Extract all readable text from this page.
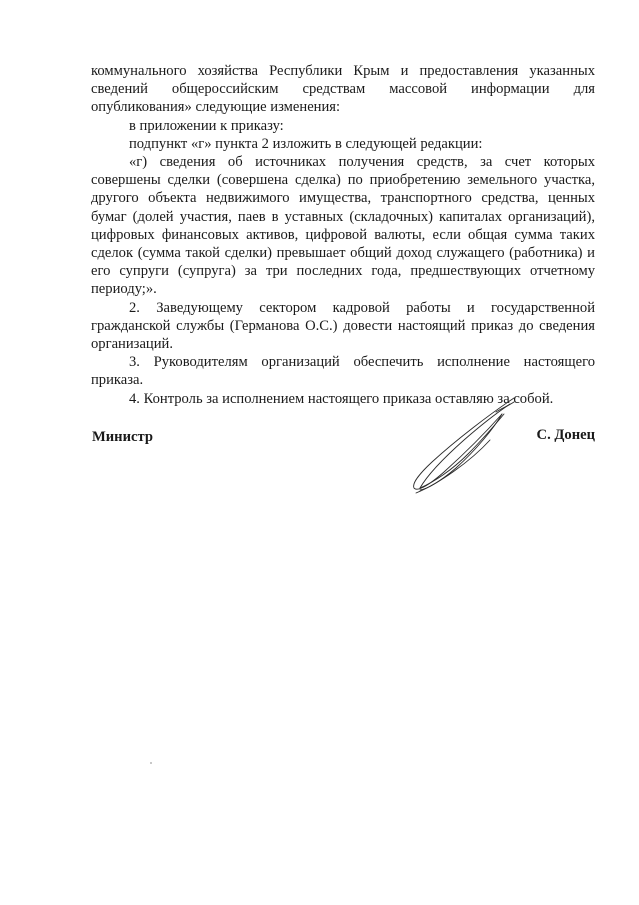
коммунального хозяйства Республики Крым и предоставления указанных сведений общероссийским средствам массовой информации для опубликования» следующие изменения:

в приложении к приказу:

подпункт «г» пункта 2 изложить в следующей редакции:

«г) сведения об источниках получения средств, за счет которых совершены сделки (совершена сделка) по приобретению земельного участка, другого объекта недвижимого имущества, транспортного средства, ценных бумаг (долей участия, паев в уставных (складочных) капиталах организаций), цифровых финансовых активов, цифровой валюты, если общая сумма таких сделок (сумма такой сделки) превышает общий доход служащего (работника) и его супруги (супруга) за три последних года, предшествующих отчетному периоду;».

2. Заведующему сектором кадровой работы и государственной гражданской службы (Германова О.С.) довести настоящий приказ до сведения организаций.

3. Руководителям организаций обеспечить исполнение настоящего приказа.

4. Контроль за исполнением настоящего приказа оставляю за собой.

Министр	С. Донец
